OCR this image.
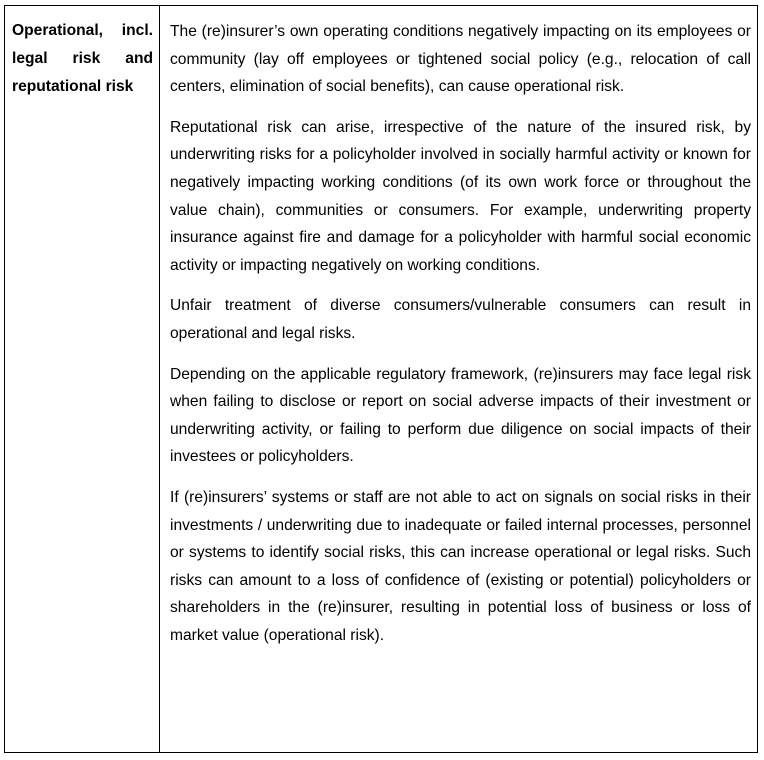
Operational, incl. legal risk and reputational risk

The (re)insurer’s own operating conditions negatively impacting on its employees or community (lay off employees or tightened social policy (e.g., relocation of call centers, elimination of social benefits), can cause operational risk.

Reputational risk can arise, irrespective of the nature of the insured risk, by underwriting risks for a policyholder involved in socially harmful activity or known for negatively impacting working conditions (of its own work force or throughout the value chain), communities or consumers. For example, underwriting property insurance against fire and damage for a policyholder with harmful social economic activity or impacting negatively on working conditions.

Unfair treatment of diverse consumers/vulnerable consumers can result in operational and legal risks.

Depending on the applicable regulatory framework, (re)insurers may face legal risk when failing to disclose or report on social adverse impacts of their investment or underwriting activity, or failing to perform due diligence on social impacts of their investees or policyholders.

If (re)insurers’ systems or staff are not able to act on signals on social risks in their investments / underwriting due to inadequate or failed internal processes, personnel or systems to identify social risks, this can increase operational or legal risks. Such risks can amount to a loss of confidence of (existing or potential) policyholders or shareholders in the (re)insurer, resulting in potential loss of business or loss of market value (operational risk).
